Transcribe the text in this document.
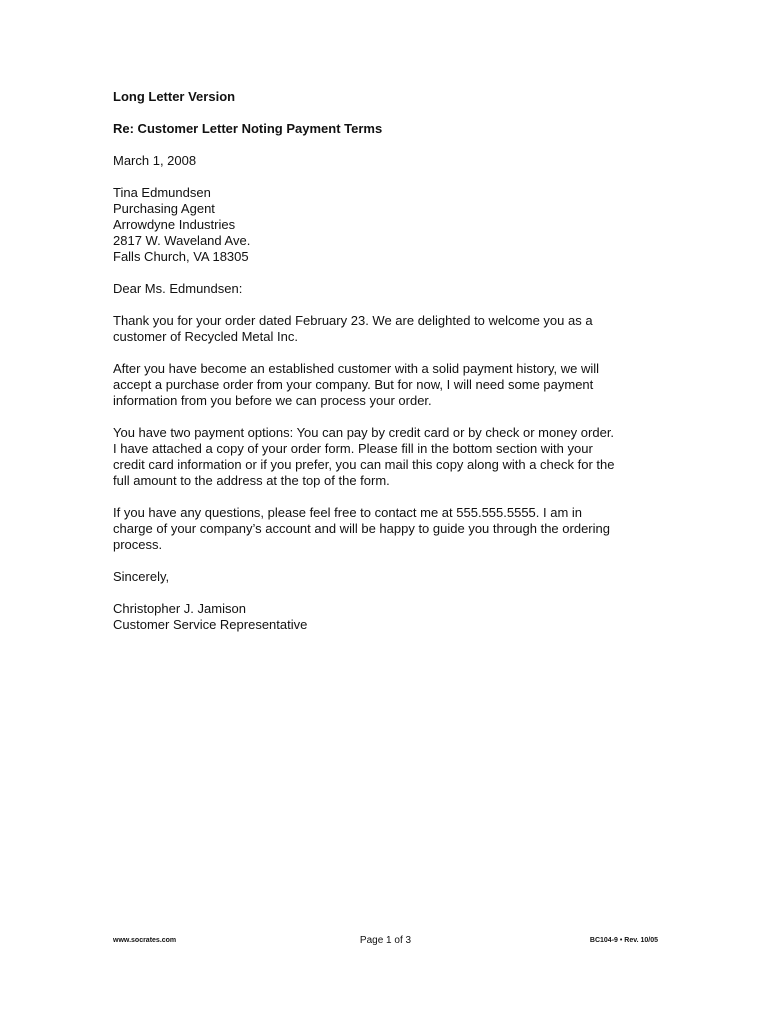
Long Letter Version

Re: Customer Letter Noting Payment Terms

March 1, 2008
Tina Edmundsen
Purchasing Agent
Arrowdyne Industries
2817 W. Waveland Ave.
Falls Church, VA 18305
Dear Ms. Edmundsen:
Thank you for your order dated February 23. We are delighted to welcome you as a
customer of Recycled Metal Inc.
After you have become an established customer with a solid payment history, we will
accept a purchase order from your company. But for now, I will need some payment
information from you before we can process your order.
You have two payment options: You can pay by credit card or by check or money order.
I have attached a copy of your order form. Please fill in the bottom section with your
credit card information or if you prefer, you can mail this copy along with a check for the
full amount to the address at the top of the form.
If you have any questions, please feel free to contact me at 555.555.5555. I am in
charge of your company’s account and will be happy to guide you through the ordering
process.
Sincerely,
Christopher J. Jamison
Customer Service Representative
www.socrates.com	Page 1 of 3	BC104-9 • Rev. 10/05
